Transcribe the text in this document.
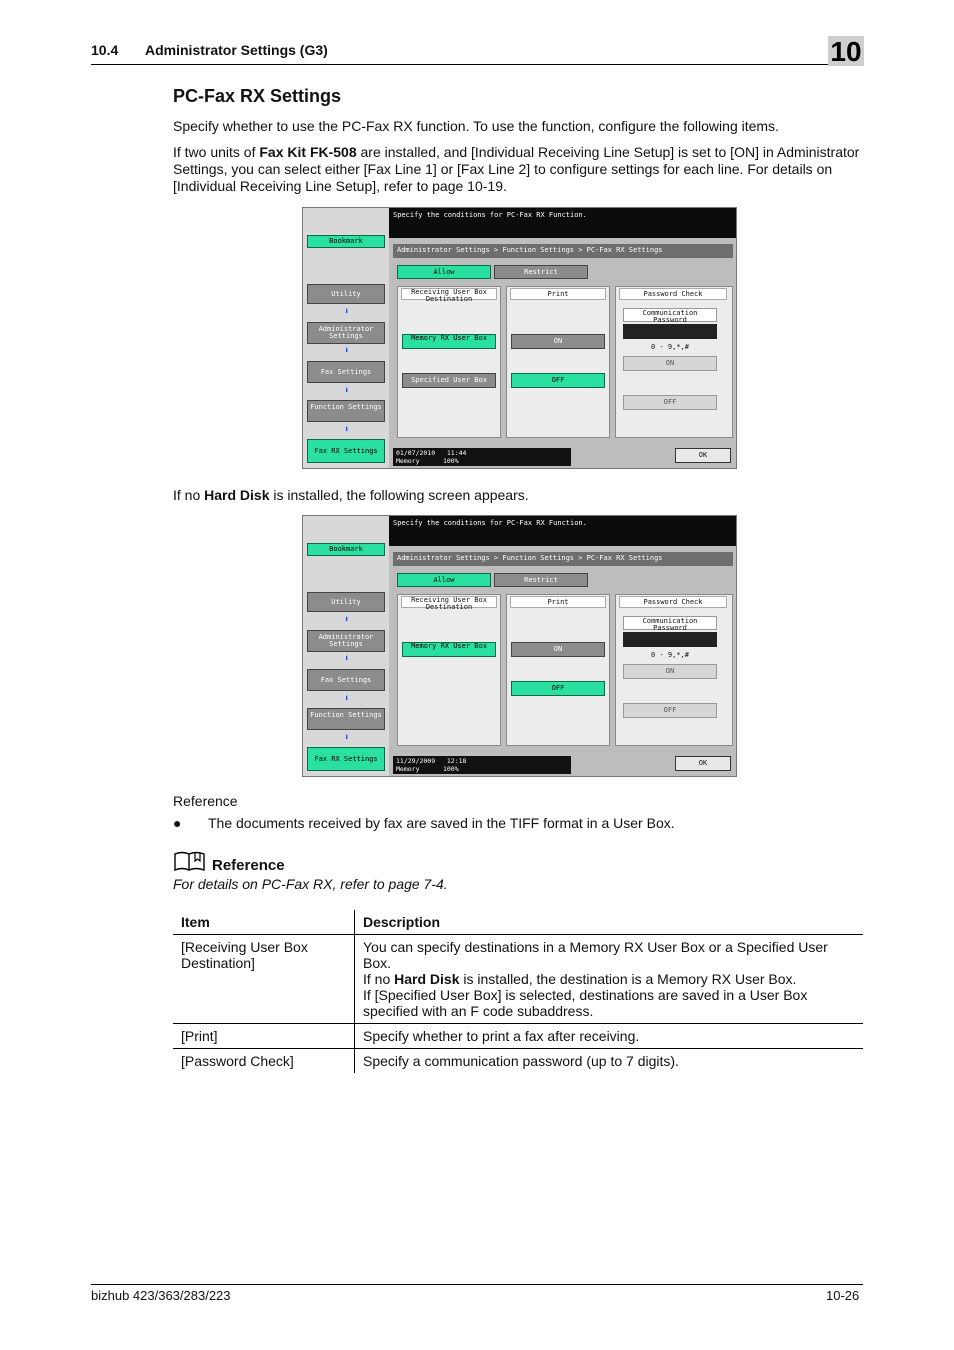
10.4 Administrator Settings (G3)	10
PC-Fax RX Settings

Specify whether to use the PC-Fax RX function. To use the function, configure the following items.

If two units of Fax Kit FK-508 are installed, and [Individual Receiving Line Setup] is set to [ON] in Administrator Settings, you can select either [Fax Line 1] or [Fax Line 2] to configure settings for each line. For details on [Individual Receiving Line Setup], refer to page 10-19.

Specify the conditions for PC-Fax RX Function.
Bookmark
Utility
⬇
Administrator Settings
⬇
Fax Settings
⬇
Function Settings
⬇
Fax RX Settings
Administrator Settings > Function Settings > PC-Fax RX Settings
Allow	Restrict
Receiving User Box Destination
Print	Password Check
Memory RX User Box
Specified User Box
ON
OFF
Communication Password
0 - 9,*,#
ON
OFF
01/07/2010 11:44
Memory	100%
OK

If no Hard Disk is installed, the following screen appears.

Specify the conditions for PC-Fax RX Function.
Bookmark
Utility
⬇
Administrator Settings
⬇
Fax Settings
⬇
Function Settings
⬇
Fax RX Settings
Administrator Settings > Function Settings > PC-Fax RX Settings
Allow	Restrict
Receiving User Box Destination
Print	Password Check
Memory RX User Box	ON
OFF
Communication Password
0 - 9,*,#
ON
OFF
11/29/2009 12:18
Memory	100%
OK
Reference
● The documents received by fax are saved in the TIFF format in a User Box.
Reference
For details on PC-Fax RX, refer to page 7-4.
Item	Description
[Receiving User Box Destination]	You can specify destinations in a Memory RX User Box or a Specified User Box.
If no Hard Disk is installed, the destination is a Memory RX User Box.
If [Specified User Box] is selected, destinations are saved in a User Box specified with an F code subaddress.

[Print]	Specify whether to print a fax after receiving.
[Password Check]	Specify a communication password (up to 7 digits).
bizhub 423/363/283/223	10-26
